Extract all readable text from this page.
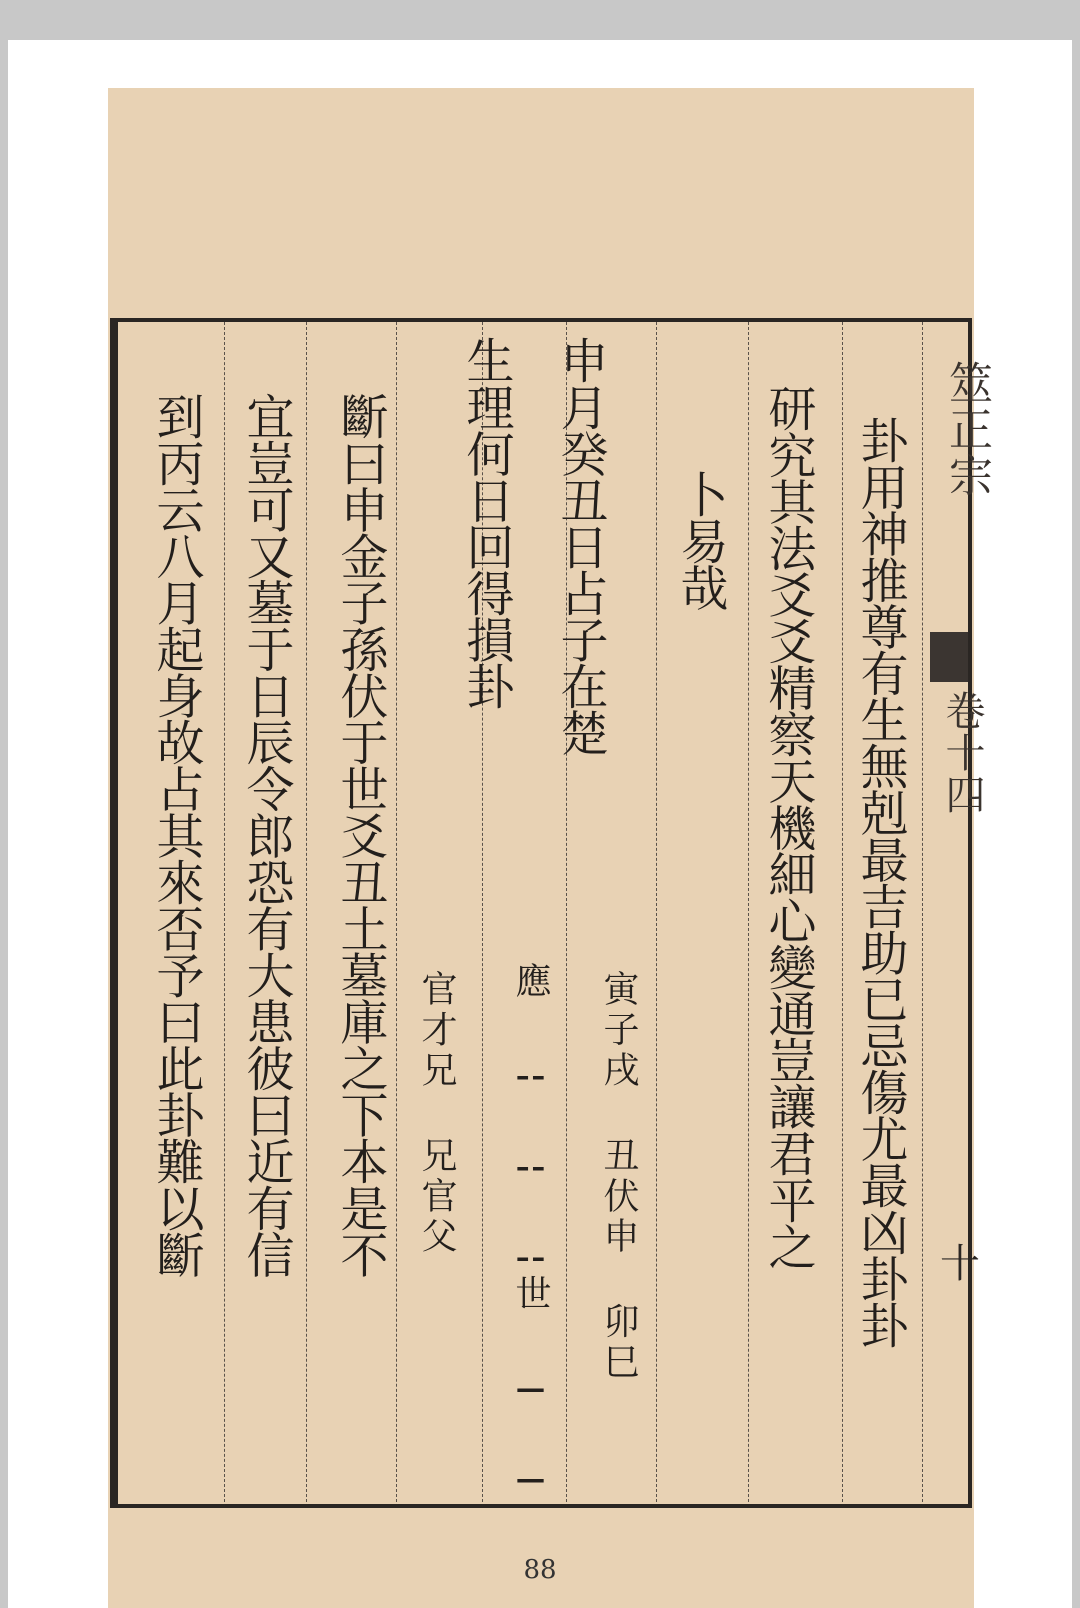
筮正宗
卷十四
十
卦用神推尊有生無剋最吉助已忌傷尤最凶卦卦
研究其法爻爻精察天機細心變通豈讓君平之
卜易哉
申月癸丑日占子在楚
生理何日回得損卦
斷曰申金子孫伏于世爻丑土墓庫之下本是不
宜豈可又墓于日辰令郎恐有大患彼曰近有信
到丙云八月起身故占其來否予曰此卦難以斷	寅子戌 丑伏申 卯巳
應 ⚋ ⚋ ⚋世 ⚊ ⚊
官才兄 兄官父
88
